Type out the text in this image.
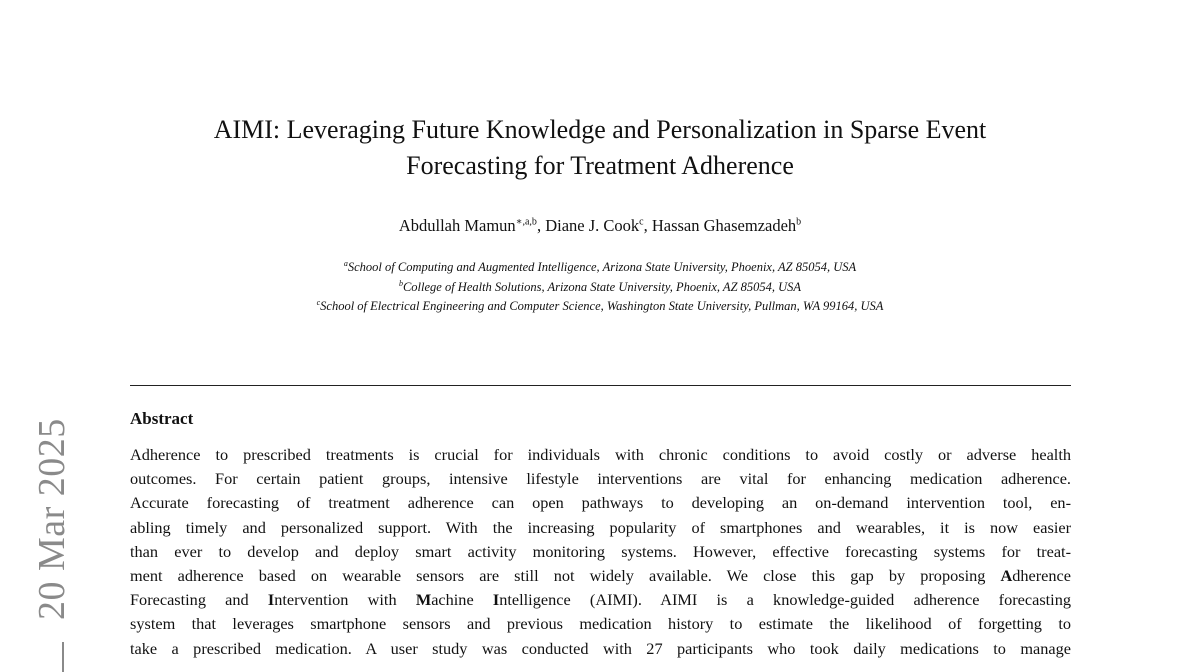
AIMI: Leveraging Future Knowledge and Personalization in Sparse Event
Forecasting for Treatment Adherence
Abdullah Mamun$^{∗,a,b}$, Diane J. Cook$^c$, Hassan Ghasemzadeh$^b$
$^a$School of Computing and Augmented Intelligence, Arizona State University, Phoenix, AZ 85054, USA
$^b$College of Health Solutions, Arizona State University, Phoenix, AZ 85054, USA
$^c$School of Electrical Engineering and Computer Science, Washington State University, Pullman, WA 99164, USA
Abstract
Adherence to prescribed treatments is crucial for individuals with chronic conditions to avoid costly or adverse health
outcomes. For certain patient groups, intensive lifestyle interventions are vital for enhancing medication adherence.
Accurate forecasting of treatment adherence can open pathways to developing an on-demand intervention tool, en-
abling timely and personalized support. With the increasing popularity of smartphones and wearables, it is now easier
than ever to develop and deploy smart activity monitoring systems. However, effective forecasting systems for treat-
ment adherence based on wearable sensors are still not widely available. We close this gap by proposing Adherence
Forecasting and Intervention with Machine Intelligence (AIMI). AIMI is a knowledge-guided adherence forecasting
system that leverages smartphone sensors and previous medication history to estimate the likelihood of forgetting to
take a prescribed medication. A user study was conducted with 27 participants who took daily medications to manage
20 Mar 2025
